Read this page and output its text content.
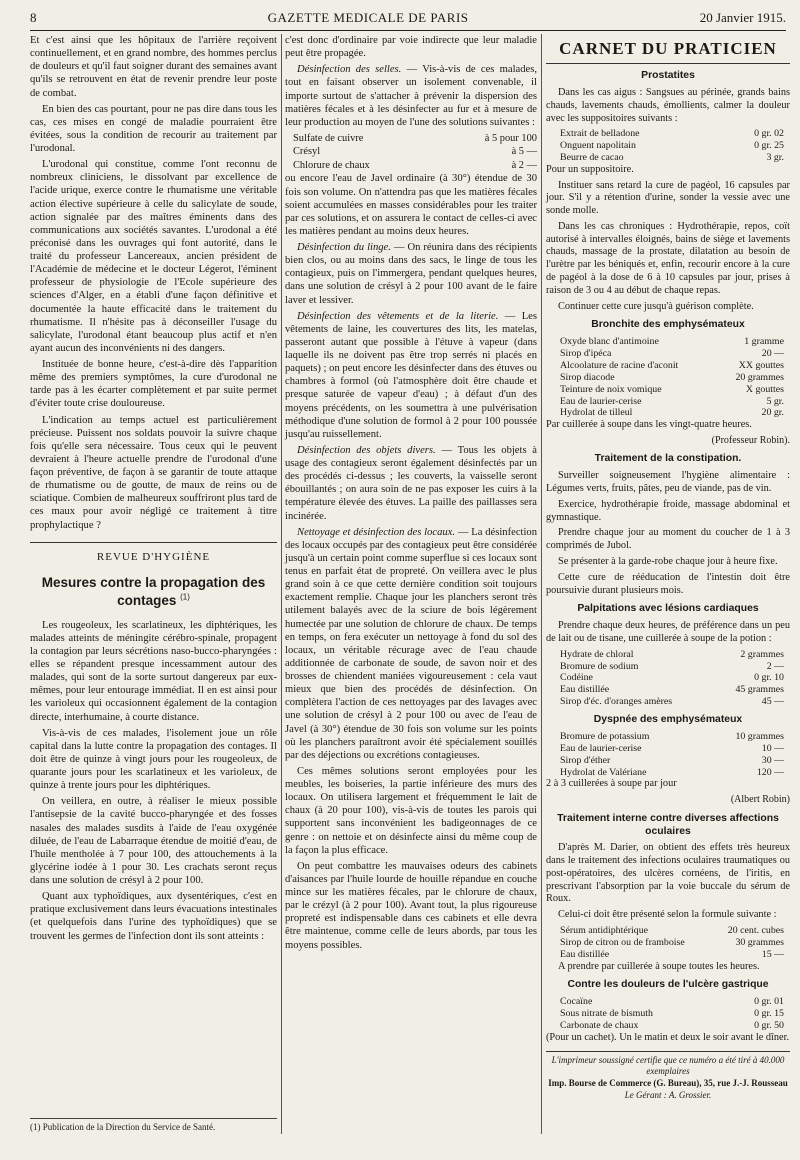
8	GAZETTE MEDICALE DE PARIS	20 Janvier 1915.

Et c'est ainsi que les hôpitaux de l'arrière reçoivent continuellement, et en grand nombre, des hommes perclus de douleurs et qu'il faut soigner durant des semaines avant qu'ils se retrouvent en état de revenir prendre leur poste de combat.

En bien des cas pourtant, pour ne pas dire dans tous les cas, ces mises en congé de maladie pourraient être évitées, sous la condition de recourir au traitement par l'urodonal.

L'urodonal qui constitue, comme l'ont reconnu de nombreux cliniciens, le dissolvant par excellence de l'acide urique, exerce contre le rhumatisme une véritable action élective supérieure à celle du salicylate de soude, action signalée par des maîtres éminents dans des communications aux sociétés savantes. L'urodonal a été préconisé dans les ouvrages qui font autorité, dans le traité du professeur Lancereaux, ancien président de l'Académie de médecine et le docteur Légerot, l'éminent professeur de physiologie de l'Ecole supérieure des sciences d'Alger, en a établi d'une façon définitive et documentée la haute efficacité dans le traitement du rhumatisme. Il n'hésite pas à déconseiller l'usage du salicylate, l'urodonal étant beaucoup plus actif et n'en ayant aucun des inconvénients ni des dangers.

Instituée de bonne heure, c'est-à-dire dès l'apparition même des premiers symptômes, la cure d'urodonal ne tarde pas à les écarter complètement et par suite permet d'éviter toute crise douloureuse.

L'indication au temps actuel est particulièrement précieuse. Puissent nos soldats pouvoir la suivre chaque fois qu'elle sera nécessaire. Tous ceux qui le peuvent devraient à l'heure actuelle prendre de l'urodonal d'une façon préventive, de façon à se garantir de toute attaque de rhumatisme ou de goutte, de maux de reins ou de sciatique. Combien de malheureux souffriront plus tard de ces maux pour avoir négligé ce traitement à titre prophylactique ?

REVUE D'HYGIÈNE
Mesures contre la propagation des contages $^{(1)}$

Les rougeoleux, les scarlatineux, les diphtériques, les malades atteints de méningite cérébro-spinale, propagent la contagion par leurs sécrétions naso-bucco-pharyngées : elles se répandent presque incessamment autour des malades, qui sont de la sorte surtout dangereux par eux-mêmes, pour leur entourage immédiat. Il en est ainsi pour les varioleux qui occasionnent également de la contagion directe, interhumaine, à courte distance.

Vis-à-vis de ces malades, l'isolement joue un rôle capital dans la lutte contre la propagation des contages. Il doit être de quinze à vingt jours pour les rougeoleux, de quarante jours pour les scarlatineux et les varioleux, de quinze à trente jours pour les diphtériques.

On veillera, en outre, à réaliser le mieux possible l'antisepsie de la cavité bucco-pharyngée et des fosses nasales des malades susdits à l'aide de l'eau oxygénée diluée, de l'eau de Labarraque étendue de moitié d'eau, de l'huile mentholée à 7 pour 100, des attouchements à la glycérine iodée à 1 pour 30. Les crachats seront reçus dans une solution de crésyl à 2 pour 100.

Quant aux typhoïdiques, aux dysentériques, c'est en pratique exclusivement dans leurs évacuations intestinales (et quelquefois dans l'urine des typhoïdiques) que se trouvent les germes de l'infection dont ils sont atteints :

(1) Publication de la Direction du Service de Santé.

c'est donc d'ordinaire par voie indirecte que leur maladie peut être propagée.

Désinfection des selles. — Vis-à-vis de ces malades, tout en faisant observer un isolement convenable, il importe surtout de s'attacher à prévenir la dispersion des matières fécales et à les désinfecter au fur et à mesure de leur production au moyen de l'une des solutions suivantes :

Sulfate de cuivre	à 5 pour 100
Crésyl	à 5 —
Chlorure de chaux	à 2 —

ou encore l'eau de Javel ordinaire (à 30°) étendue de 30 fois son volume. On n'attendra pas que les matières fécales soient accumulées en masses considérables pour les traiter par ces solutions, et on assurera le contact de celles-ci avec les matières pendant au moins deux heures.

Désinfection du linge. — On réunira dans des récipients bien clos, ou au moins dans des sacs, le linge de tous les contagieux, puis on l'immergera, pendant quelques heures, dans une solution de crésyl à 2 pour 100 avant de le faire laver et lessiver.

Désinfection des vêtements et de la literie. — Les vêtements de laine, les couvertures des lits, les matelas, passeront autant que possible à l'étuve à vapeur (dans laquelle ils ne doivent pas être trop serrés ni placés en paquets) ; on peut encore les désinfecter dans des étuves ou chambres à formol (où l'atmosphère doit être chaude et presque saturée de vapeur d'eau) ; à défaut d'un des moyens précédents, on les soumettra à une pulvérisation méthodique d'une solution de formol à 2 pour 100 poussée jusqu'au ruissellement.

Désinfection des objets divers. — Tous les objets à usage des contagieux seront également désinfectés par un des procédés ci-dessus ; les couverts, la vaisselle seront ébouillantés ; on aura soin de ne pas exposer les cuirs à la température élevée des étuves. La paille des paillasses sera incinérée.

Nettoyage et désinfection des locaux. — La désinfection des locaux occupés par des contagieux peut être considérée jusqu'à un certain point comme superflue si ces locaux sont tenus en parfait état de propreté. On veillera avec le plus grand soin à ce que cette dernière condition soit toujours exactement remplie. Chaque jour les planchers seront très utilement balayés avec de la sciure de bois légèrement humectée par une solution de chlorure de chaux. De temps en temps, on fera exécuter un nettoyage à fond du sol des locaux, un véritable récurage avec de l'eau chaude additionnée de carbonate de soude, de savon noir et des brosses de chiendent maniées vigoureusement : cela vaut mieux que bien des procédés de désinfection. On complètera l'action de ces nettoyages par des lavages avec une solution de crésyl à 2 pour 100 ou avec de l'eau de Javel (à 30°) étendue de 30 fois son volume sur les points où les planchers paraîtront avoir été spécialement souillés par des déjections ou excrétions contagieuses.

Ces mêmes solutions seront employées pour les meubles, les boiseries, la partie inférieure des murs des locaux. On utilisera largement et fréquemment le lait de chaux (à 20 pour 100), vis-à-vis de toutes les parois qui supportent sans inconvénient les badigeonnages de ce genre : on nettoie et on désinfecte ainsi du même coup de la façon la plus efficace.

On peut combattre les mauvaises odeurs des cabinets d'aisances par l'huile lourde de houille répandue en couche mince sur les matières fécales, par le chlorure de chaux, par le crézyl (à 2 pour 100). Avant tout, la plus rigoureuse propreté est indispensable dans ces cabinets et elle devra être maintenue, comme celle de leurs abords, par tous les moyens possibles.

CARNET DU PRATICIEN
Prostatites

Dans les cas aigus : Sangsues au périnée, grands bains chauds, lavements chauds, émollients, calmer la douleur avec les suppositoires suivants :

Extrait de belladone	0 gr. 02
Onguent napolitain	0 gr. 25
Beurre de cacao	3 gr.

Pour un suppositoire.

Instituer sans retard la cure de pagéol, 16 capsules par jour. S'il y a rétention d'urine, sonder la vessie avec une sonde molle.

Dans les cas chroniques : Hydrothérapie, repos, coït autorisé à intervalles éloignés, bains de siège et lavements chauds, massage de la prostate, dilatation au besoin de l'urètre par les béniqués et, enfin, recourir encore à la cure de pagéol à la dose de 6 à 10 capsules par jour, prises à raison de 3 ou 4 au début de chaque repas.

Continuer cette cure jusqu'à guérison complète.

Bronchite des emphysémateux
Oxyde blanc d'antimoine	1 gramme
Sirop d'ipéca	20 —
Alcoolature de racine d'aconit	XX gouttes
Sirop diacode	20 grammes
Teinture de noix vomique	X gouttes
Eau de laurier-cerise	5 gr.
Hydrolat de tilleul	20 gr.

Par cuillerée à soupe dans les vingt-quatre heures.

(Professeur Robin).
Traitement de la constipation.

Surveiller soigneusement l'hygiène alimentaire : Légumes verts, fruits, pâtes, peu de viande, pas de vin.

Exercice, hydrothérapie froide, massage abdominal et gymnastique.

Prendre chaque jour au moment du coucher de 1 à 3 comprimés de Jubol.

Se présenter à la garde-robe chaque jour à heure fixe.

Cette cure de rééducation de l'intestin doit être poursuivie durant plusieurs mois.

Palpitations avec lésions cardiaques

Prendre chaque deux heures, de préférence dans un peu de lait ou de tisane, une cuillerée à soupe de la potion :

Hydrate de chloral	2 grammes
Bromure de sodium	2 —
Codéine	0 gr. 10
Eau distillée	45 grammes
Sirop d'éc. d'oranges amères	45 —
Dyspnée des emphysémateux
Bromure de potassium	10 grammes
Eau de laurier-cerise	10 —
Sirop d'éther	30 —
Hydrolat de Valériane	120 —

2 à 3 cuillerées à soupe par jour

(Albert Robin)
Traitement interne contre diverses affections oculaires

D'après M. Darier, on obtient des effets très heureux dans le traitement des infections oculaires traumatiques ou post-opératoires, des ulcères cornéens, de l'iritis, en prescrivant l'absorption par la voie buccale du sérum de Roux.

Celui-ci doit être présenté selon la formule suivante :

Sérum antidiphtérique	20 cent. cubes
Sirop de citron ou de framboise	30 grammes
Eau distillée	15 —

A prendre par cuillerée à soupe toutes les heures.

Contre les douleurs de l'ulcère gastrique
Cocaïne	0 gr. 01
Sous nitrate de bismuth	0 gr. 15
Carbonate de chaux	0 gr. 50

(Pour un cachet). Un le matin et deux le soir avant le dîner.

L'imprimeur soussigné certifie que ce numéro a été tiré à 40.000 exemplaires
Imp. Bourse de Commerce (G. Bureau), 35, rue J.-J. Rousseau
Le Gérant : A. Grossier.
